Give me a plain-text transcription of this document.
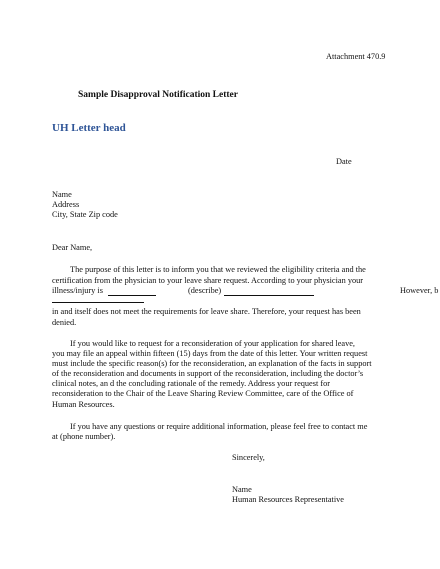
Attachment 470.9
Sample Disapproval Notification Letter
UH Letter head
Date
Name
Address
City, State Zip code
Dear Name,
The purpose of this letter is to inform you that we reviewed the eligibility criteria and the
certification from the physician to your leave share request. According to your physician your
illness/injury is	(describe)	However, b
in and itself does not meet the requirements for leave share. Therefore, your request has been
denied.
If you would like to request for a reconsideration of your application for shared leave,
you may file an appeal within fifteen (15) days from the date of this letter. Your written request
must include the specific reason(s) for the reconsideration, an explanation of the facts in support
of the reconsideration and documents in support of the reconsideration, including the doctor’s
clinical notes, an d the concluding rationale of the remedy. Address your request for
reconsideration to the Chair of the Leave Sharing Review Committee, care of the Office of
Human Resources.
If you have any questions or require additional information, please feel free to contact me
at (phone number).
Sincerely,
Name
Human Resources Representative
